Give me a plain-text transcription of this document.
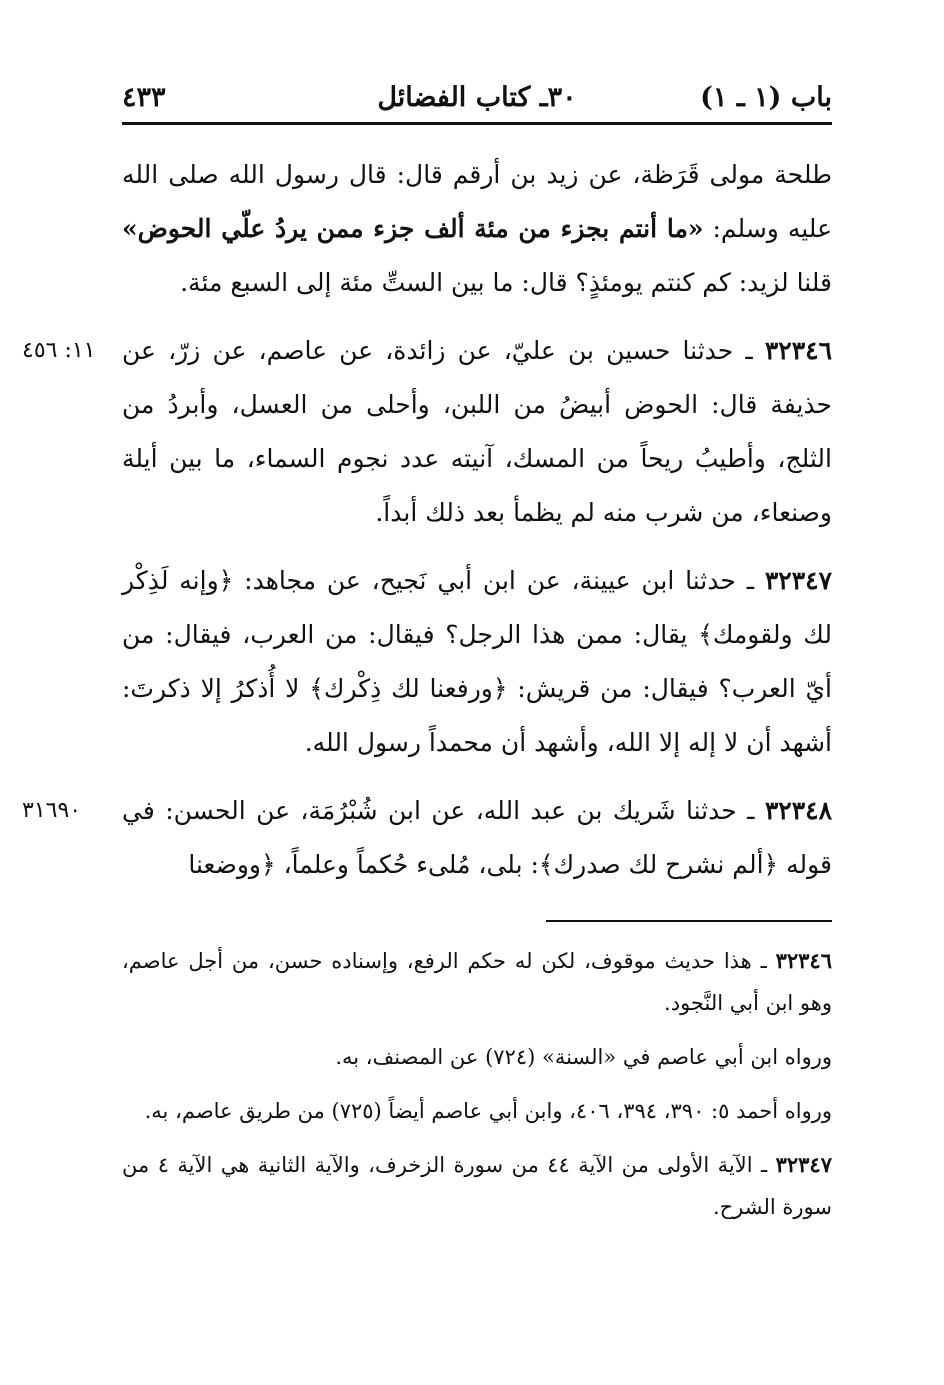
باب (١ ـ ١)
٣٠ـ كتاب الفضائل
٤٣٣

طلحة مولى قَرَظة، عن زيد بن أرقم قال: قال رسول الله صلى الله عليه وسلم: «ما أنتم بجزء من مئة ألف جزء ممن يردُ علّي الحوض» قلنا لزيد: كم كنتم يومئذٍ؟ قال: ما بين الستِّ مئة إلى السبع مئة.

١١: ٤٥٦	٣٢٣٤٦ ـ حدثنا حسين بن عليّ، عن زائدة، عن عاصم، عن زرّ، عن حذيفة قال: الحوض أبيضُ من اللبن، وأحلى من العسل، وأبردُ من الثلج، وأطيبُ ريحاً من المسك، آنيته عدد نجوم السماء، ما بين أيلة وصنعاء، من شرب منه لم يظمأ بعد ذلك أبداً.

٣٢٣٤٧ ـ حدثنا ابن عيينة، عن ابن أبي نَجيح، عن مجاهد: ﴿وإنه لَذِكْر لك ولقومك﴾ يقال: ممن هذا الرجل؟ فيقال: من العرب، فيقال: من أيّ العرب؟ فيقال: من قريش: ﴿ورفعنا لك ذِكْرك﴾ لا أُذكرُ إلا ذكرتَ: أشهد أن لا إله إلا الله، وأشهد أن محمداً رسول الله.

٣١٦٩٠	٣٢٣٤٨ ـ حدثنا شَريك بن عبد الله، عن ابن شُبْرُمَة، عن الحسن: في قوله ﴿ألم نشرح لك صدرك﴾: بلى، مُلىء حُكماً وعلماً، ﴿ووضعنا

٣٢٣٤٦ ـ هذا حديث موقوف، لكن له حكم الرفع، وإسناده حسن، من أجل عاصم، وهو ابن أبي النَّجود.

ورواه ابن أبي عاصم في «السنة» (٧٢٤) عن المصنف، به.

ورواه أحمد ٥: ٣٩٠، ٣٩٤، ٤٠٦، وابن أبي عاصم أيضاً (٧٢٥) من طريق عاصم، به.

٣٢٣٤٧ ـ الآية الأولى من الآية ٤٤ من سورة الزخرف، والآية الثانية هي الآية ٤ من سورة الشرح.
